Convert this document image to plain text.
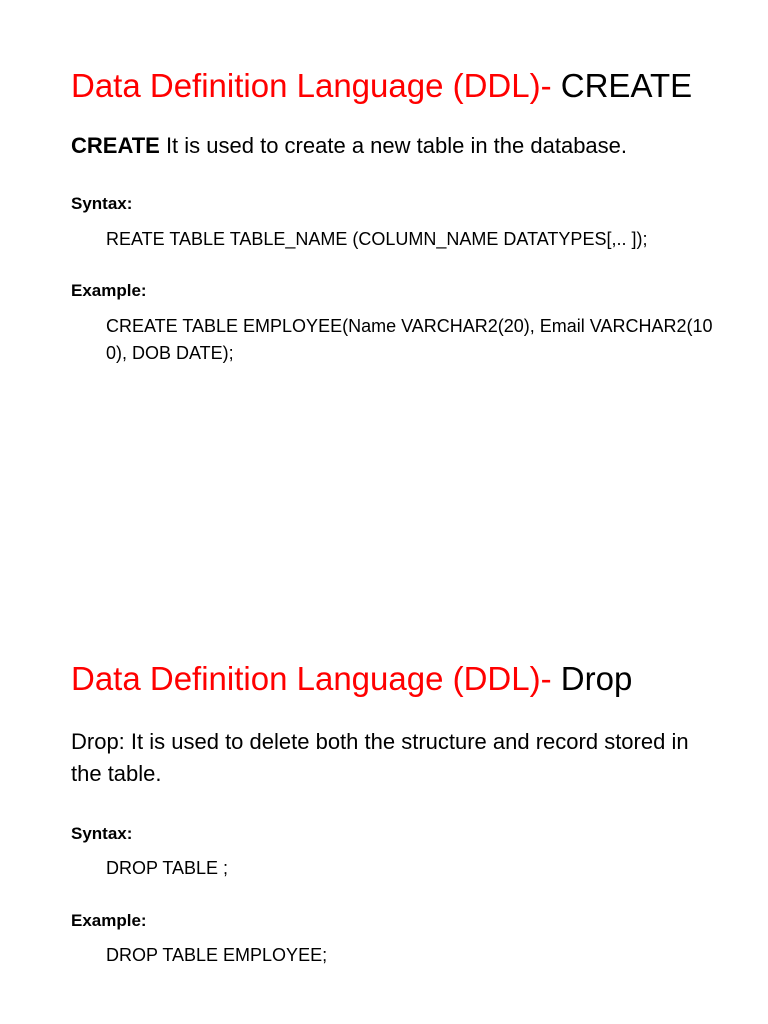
Data Definition Language (DDL)- CREATE

CREATE It is used to create a new table in the database.

Syntax:

REATE TABLE TABLE_NAME (COLUMN_NAME DATATYPES[,.. ]);

Example:

CREATE TABLE EMPLOYEE(Name VARCHAR2(20), Email VARCHAR2(100), DOB DATE);

Data Definition Language (DDL)- Drop

Drop: It is used to delete both the structure and record stored in the table.

Syntax:

DROP TABLE ;

Example:

DROP TABLE EMPLOYEE;
